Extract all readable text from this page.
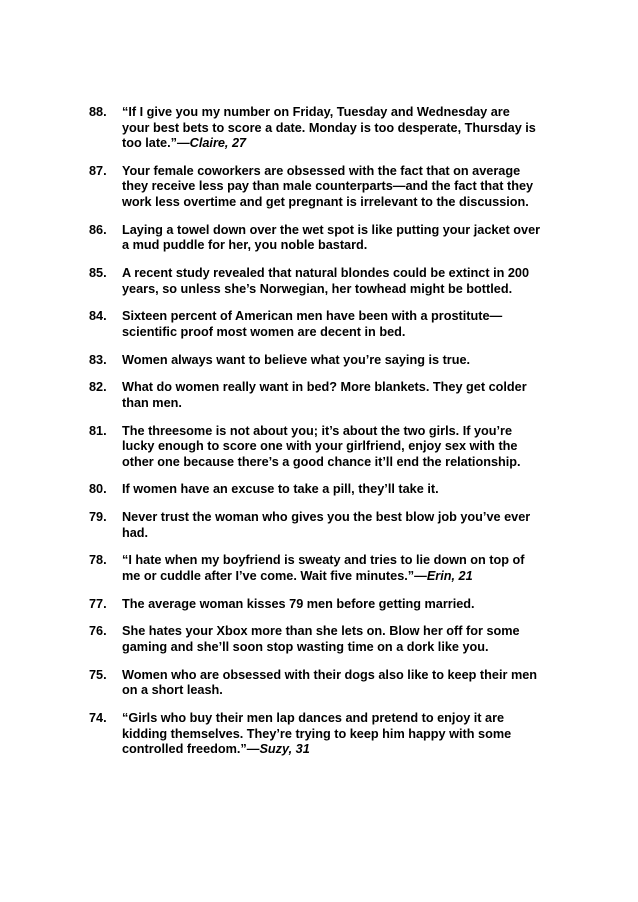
88.	“If I give you my number on Friday, Tuesday and Wednesday are
your best bets to score a date. Monday is too desperate, Thursday is
too late.”—Claire, 27
87.	Your female coworkers are obsessed with the fact that on average
they receive less pay than male counterparts—and the fact that they
work less overtime and get pregnant is irrelevant to the discussion.
86.	Laying a towel down over the wet spot is like putting your jacket over
a mud puddle for her, you noble bastard.
85.	A recent study revealed that natural blondes could be extinct in 200
years, so unless she’s Norwegian, her towhead might be bottled.
84.	Sixteen percent of American men have been with a prostitute—
scientific proof most women are decent in bed.
83.	Women always want to believe what you’re saying is true.
82.	What do women really want in bed? More blankets. They get colder
than men.
81.	The threesome is not about you; it’s about the two girls. If you’re
lucky enough to score one with your girlfriend, enjoy sex with the
other one because there’s a good chance it’ll end the relationship.
80.	If women have an excuse to take a pill, they’ll take it.
79.	Never trust the woman who gives you the best blow job you’ve ever
had.
78.	“I hate when my boyfriend is sweaty and tries to lie down on top of
me or cuddle after I’ve come. Wait five minutes.”—Erin, 21
77.	The average woman kisses 79 men before getting married.
76.	She hates your Xbox more than she lets on. Blow her off for some
gaming and she’ll soon stop wasting time on a dork like you.
75.	Women who are obsessed with their dogs also like to keep their men
on a short leash.
74.	“Girls who buy their men lap dances and pretend to enjoy it are
kidding themselves. They’re trying to keep him happy with some
controlled freedom.”—Suzy, 31
